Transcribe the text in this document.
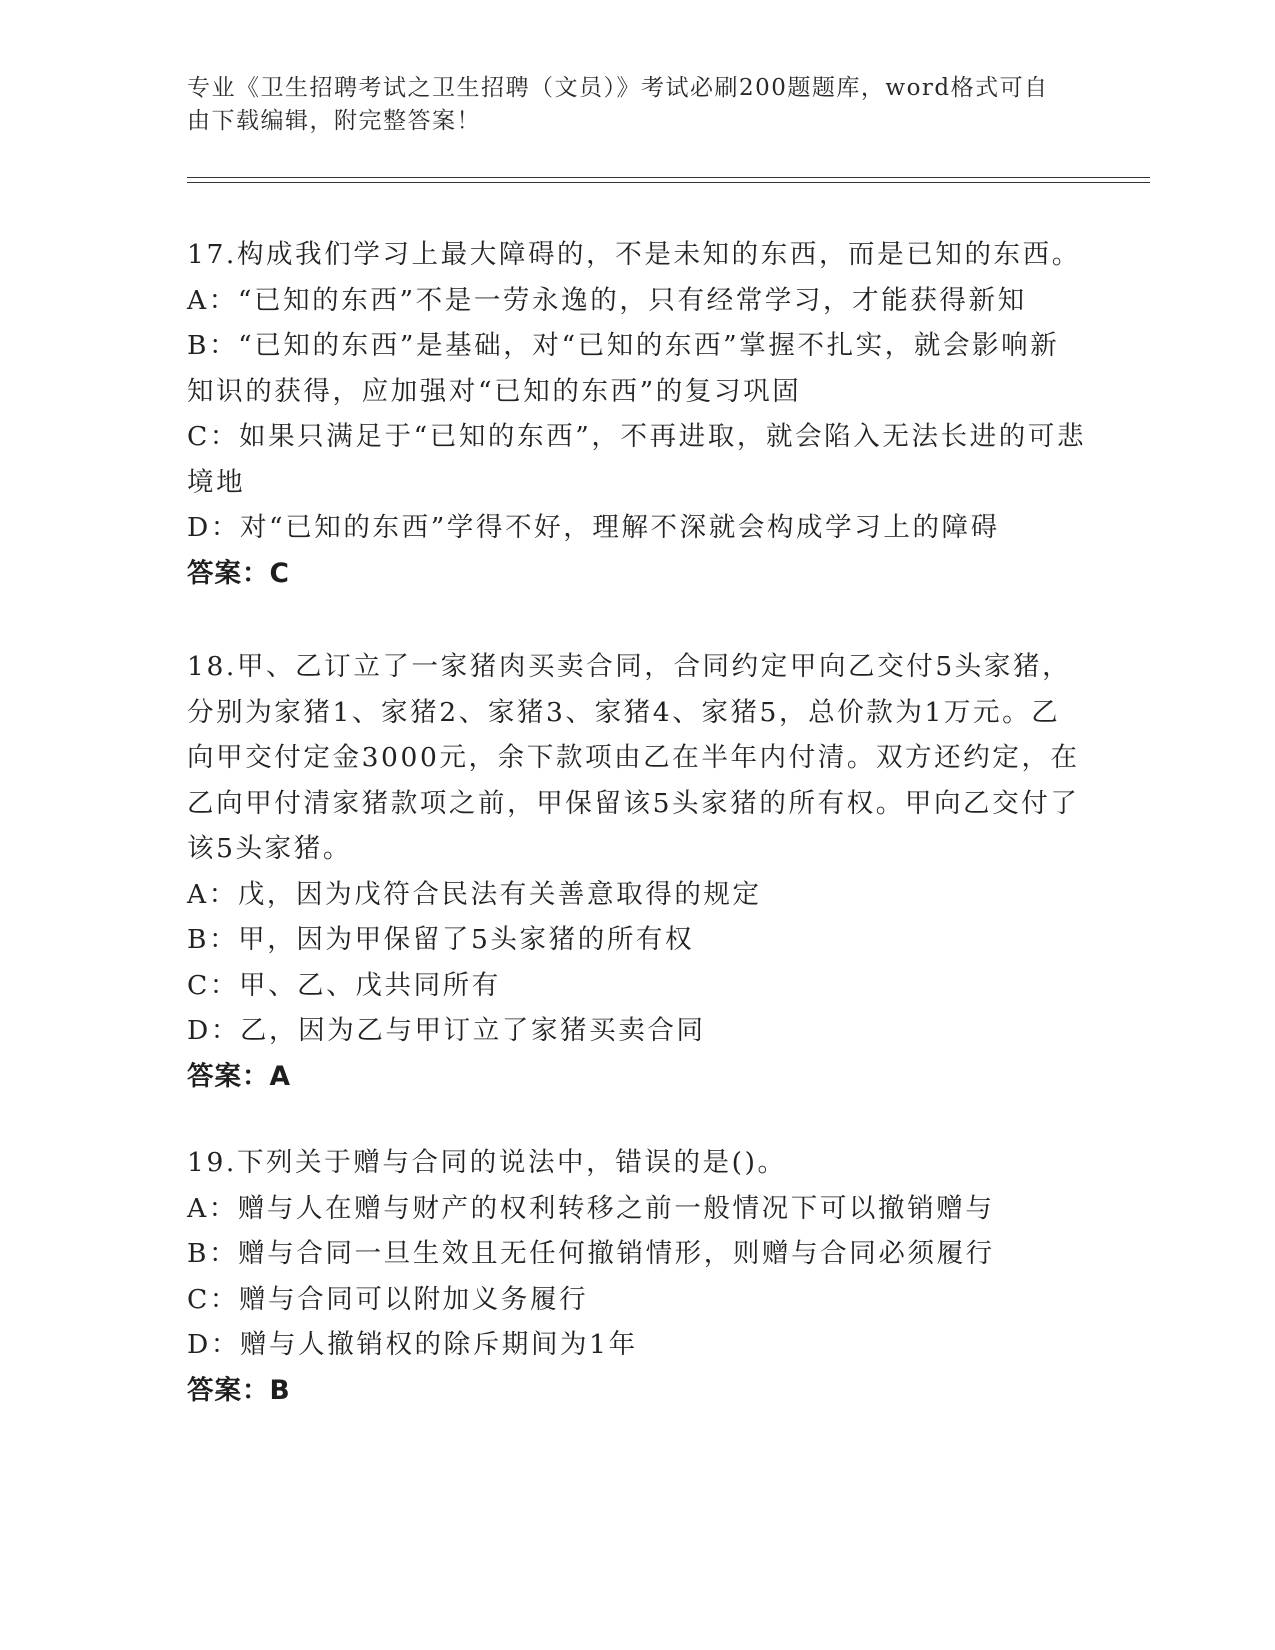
专业《卫生招聘考试之卫生招聘（文员）》考试必刷200题题库，word格式可自
由下载编辑，附完整答案！

17.构成我们学习上最大障碍的，不是未知的东西，而是已知的东西。

A：“已知的东西”不是一劳永逸的，只有经常学习，才能获得新知

B：“已知的东西”是基础，对“已知的东西”掌握不扎实，就会影响新知识的获得，应加强对“已知的东西”的复习巩固

C：如果只满足于“已知的东西”，不再进取，就会陷入无法长进的可悲境地

D：对“已知的东西”学得不好，理解不深就会构成学习上的障碍

答案：C

18.甲、乙订立了一家猪肉买卖合同，合同约定甲向乙交付5头家猪，分别为家猪1、家猪2、家猪3、家猪4、家猪5，总价款为1万元。乙向甲交付定金3000元，余下款项由乙在半年内付清。双方还约定，在乙向甲付清家猪款项之前，甲保留该5头家猪的所有权。甲向乙交付了该5头家猪。

A：戊，因为戊符合民法有关善意取得的规定

B：甲，因为甲保留了5头家猪的所有权

C：甲、乙、戊共同所有

D：乙，因为乙与甲订立了家猪买卖合同

答案：A

19.下列关于赠与合同的说法中，错误的是()。

A：赠与人在赠与财产的权利转移之前一般情况下可以撤销赠与

B：赠与合同一旦生效且无任何撤销情形，则赠与合同必须履行

C：赠与合同可以附加义务履行

D：赠与人撤销权的除斥期间为1年

答案：B
